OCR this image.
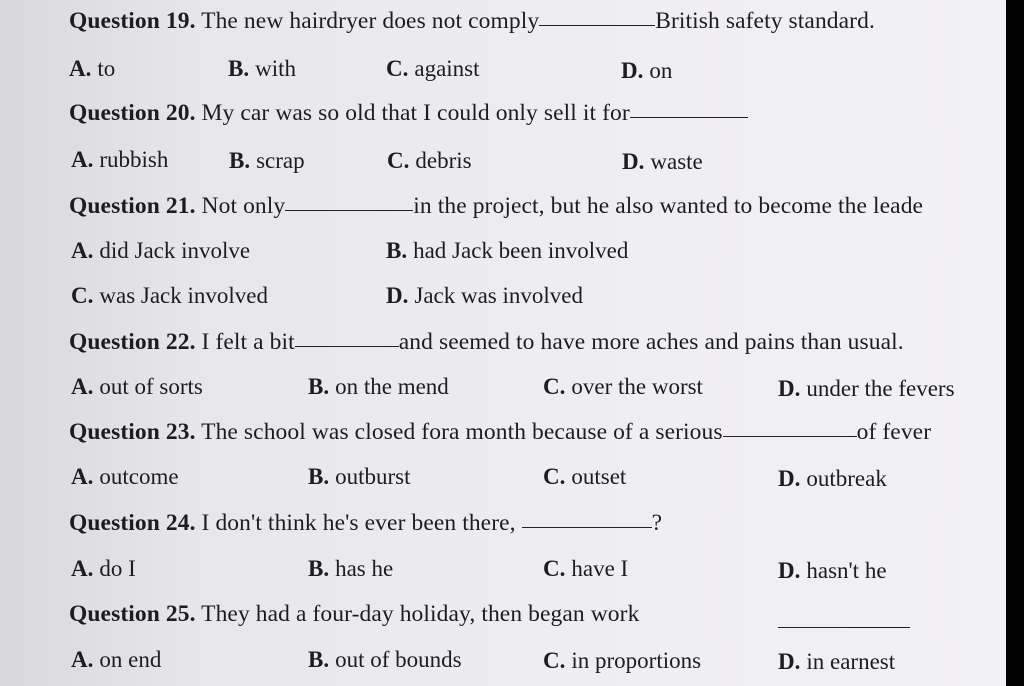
Question 19. The new hairdryer does not comply	British safety standard.
A. to	B. with	C. against	D. on
Question 20. My car was so old that I could only sell it for
A. rubbish	B. scrap	C. debris	D. waste
Question 21. Not only	in the project, but he also wanted to become the leade
A. did Jack involve	B. had Jack been involved
C. was Jack involved	D. Jack was involved
Question 22. I felt a bit	and seemed to have more aches and pains than usual.
A. out of sorts	B. on the mend	C. over the worst	D. under the fevers
Question 23. The school was closed fora month because of a serious	of fever
A. outcome	B. outburst	C. outset	D. outbreak
Question 24. I don't think he's ever been there,	?
A. do I	B. has he	C. have I	D. hasn't he
Question 25. They had a four-day holiday, then began work
A. on end	B. out of bounds	C. in proportions	D. in earnest
